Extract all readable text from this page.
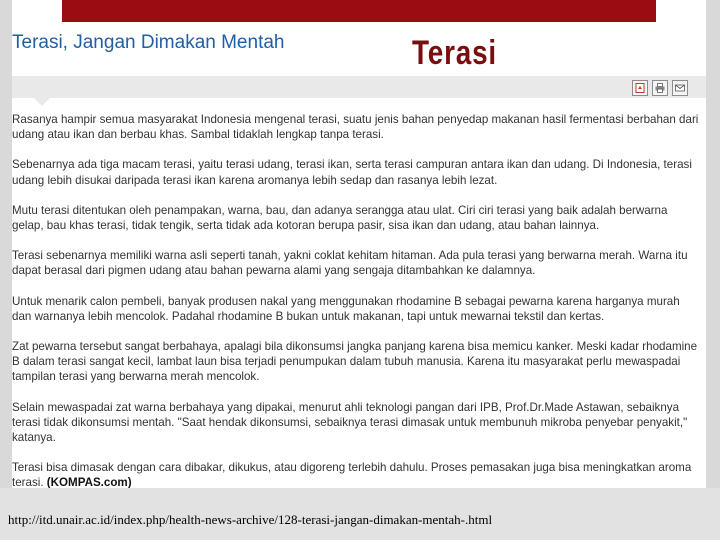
Terasi, Jangan Dimakan Mentah	Terasi

Rasanya hampir semua masyarakat Indonesia mengenal terasi, suatu jenis bahan penyedap makanan hasil fermentasi berbahan dari udang atau ikan dan berbau khas. Sambal tidaklah lengkap tanpa terasi.

Sebenarnya ada tiga macam terasi, yaitu terasi udang, terasi ikan, serta terasi campuran antara ikan dan udang. Di Indonesia, terasi udang lebih disukai daripada terasi ikan karena aromanya lebih sedap dan rasanya lebih lezat.

Mutu terasi ditentukan oleh penampakan, warna, bau, dan adanya serangga atau ulat. Ciri ciri terasi yang baik adalah berwarna gelap, bau khas terasi, tidak tengik, serta tidak ada kotoran berupa pasir, sisa ikan dan udang, atau bahan lainnya.

Terasi sebenarnya memiliki warna asli seperti tanah, yakni coklat kehitam hitaman. Ada pula terasi yang berwarna merah. Warna itu dapat berasal dari pigmen udang atau bahan pewarna alami yang sengaja ditambahkan ke dalamnya.

Untuk menarik calon pembeli, banyak produsen nakal yang menggunakan rhodamine B sebagai pewarna karena harganya murah dan warnanya lebih mencolok. Padahal rhodamine B bukan untuk makanan, tapi untuk mewarnai tekstil dan kertas.

Zat pewarna tersebut sangat berbahaya, apalagi bila dikonsumsi jangka panjang karena bisa memicu kanker. Meski kadar rhodamine B dalam terasi sangat kecil, lambat laun bisa terjadi penumpukan dalam tubuh manusia. Karena itu masyarakat perlu mewaspadai tampilan terasi yang berwarna merah mencolok.

Selain mewaspadai zat warna berbahaya yang dipakai, menurut ahli teknologi pangan dari IPB, Prof.Dr.Made Astawan, sebaiknya terasi tidak dikonsumsi mentah. "Saat hendak dikonsumsi, sebaiknya terasi dimasak untuk membunuh mikroba penyebar penyakit," katanya.

Terasi bisa dimasak dengan cara dibakar, dikukus, atau digoreng terlebih dahulu. Proses pemasakan juga bisa meningkatkan aroma terasi. (KOMPAS.com)

http://itd.unair.ac.id/index.php/health-news-archive/128-terasi-jangan-dimakan-mentah-.html
